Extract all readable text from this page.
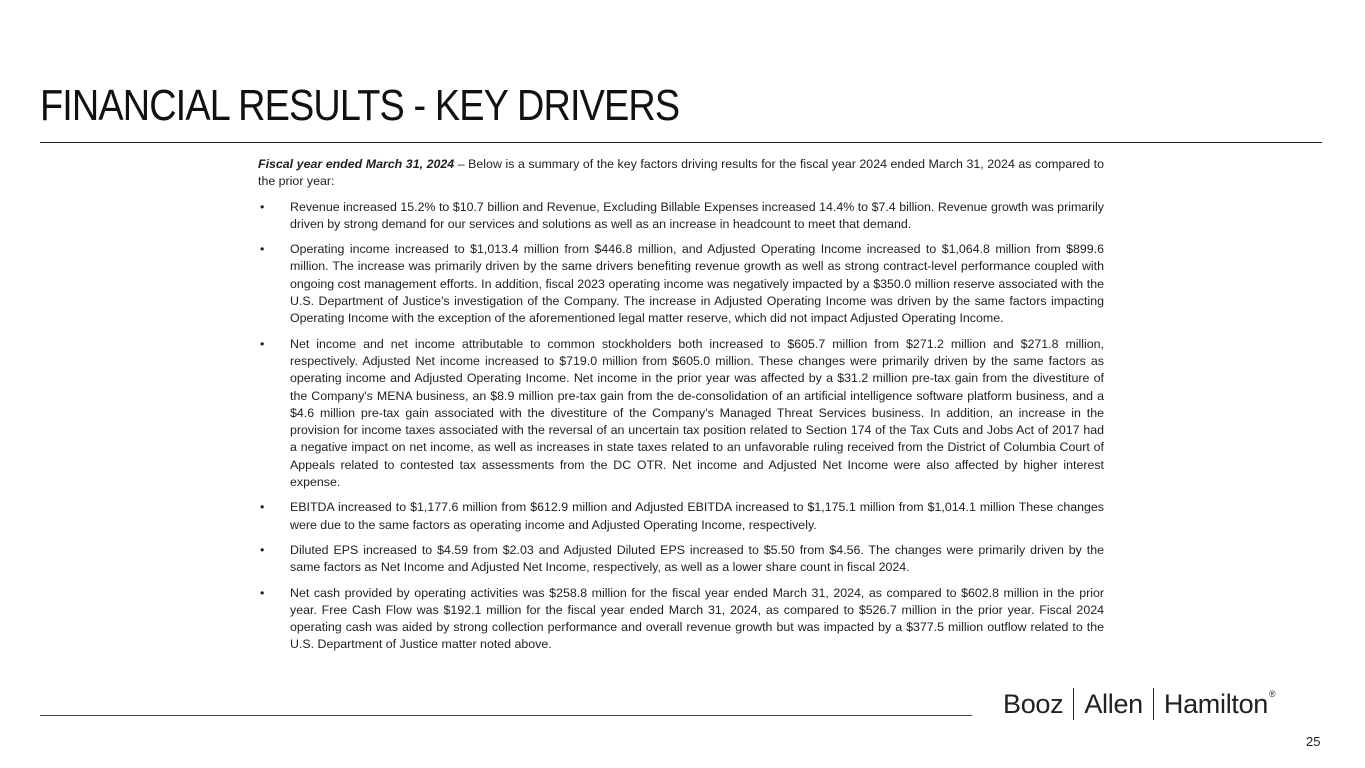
FINANCIAL RESULTS - KEY DRIVERS

Fiscal year ended March 31, 2024 – Below is a summary of the key factors driving results for the fiscal year 2024 ended March 31, 2024 as compared to the prior year:

• Revenue increased 15.2% to $10.7 billion and Revenue, Excluding Billable Expenses increased 14.4% to $7.4 billion. Revenue growth was primarily driven by strong demand for our services and solutions as well as an increase in headcount to meet that demand.
• Operating income increased to $1,013.4 million from $446.8 million, and Adjusted Operating Income increased to $1,064.8 million from $899.6 million. The increase was primarily driven by the same drivers benefiting revenue growth as well as strong contract-level performance coupled with ongoing cost management efforts. In addition, fiscal 2023 operating income was negatively impacted by a $350.0 million reserve associated with the U.S. Department of Justice's investigation of the Company. The increase in Adjusted Operating Income was driven by the same factors impacting Operating Income with the exception of the aforementioned legal matter reserve, which did not impact Adjusted Operating Income.
• Net income and net income attributable to common stockholders both increased to $605.7 million from $271.2 million and $271.8 million, respectively. Adjusted Net income increased to $719.0 million from $605.0 million. These changes were primarily driven by the same factors as operating income and Adjusted Operating Income. Net income in the prior year was affected by a $31.2 million pre-tax gain from the divestiture of the Company's MENA business, an $8.9 million pre-tax gain from the de-consolidation of an artificial intelligence software platform business, and a $4.6 million pre-tax gain associated with the divestiture of the Company's Managed Threat Services business. In addition, an increase in the provision for income taxes associated with the reversal of an uncertain tax position related to Section 174 of the Tax Cuts and Jobs Act of 2017 had a negative impact on net income, as well as increases in state taxes related to an unfavorable ruling received from the District of Columbia Court of Appeals related to contested tax assessments from the DC OTR. Net income and Adjusted Net Income were also affected by higher interest expense.
• EBITDA increased to $1,177.6 million from $612.9 million and Adjusted EBITDA increased to $1,175.1 million from $1,014.1 million These changes were due to the same factors as operating income and Adjusted Operating Income, respectively.
• Diluted EPS increased to $4.59 from $2.03 and Adjusted Diluted EPS increased to $5.50 from $4.56. The changes were primarily driven by the same factors as Net Income and Adjusted Net Income, respectively, as well as a lower share count in fiscal 2024.
• Net cash provided by operating activities was $258.8 million for the fiscal year ended March 31, 2024, as compared to $602.8 million in the prior year. Free Cash Flow was $192.1 million for the fiscal year ended March 31, 2024, as compared to $526.7 million in the prior year. Fiscal 2024 operating cash was aided by strong collection performance and overall revenue growth but was impacted by a $377.5 million outflow related to the U.S. Department of Justice matter noted above.
Booz Allen Hamilton ®
25
